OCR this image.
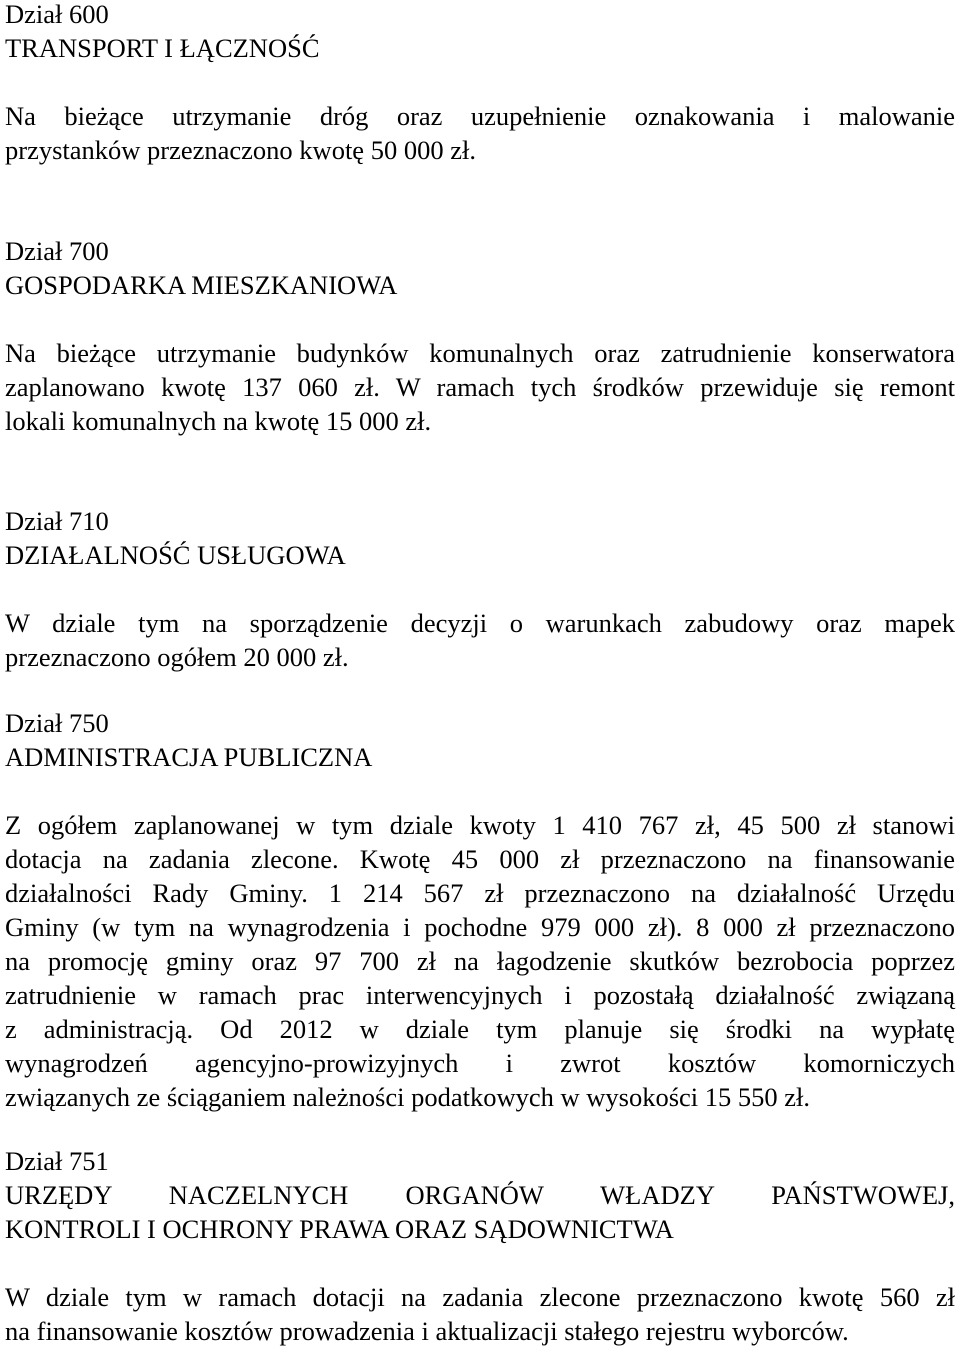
Dział 600
TRANSPORT I ŁĄCZNOŚĆ
Na bieżące utrzymanie dróg oraz uzupełnienie oznakowania i malowanie
przystanków przeznaczono kwotę 50 000 zł.
Dział 700
GOSPODARKA MIESZKANIOWA
Na bieżące utrzymanie budynków komunalnych oraz zatrudnienie konserwatora
zaplanowano kwotę 137 060 zł. W ramach tych środków przewiduje się remont
lokali komunalnych na kwotę 15 000 zł.
Dział 710
DZIAŁALNOŚĆ USŁUGOWA
W dziale tym na sporządzenie decyzji o warunkach zabudowy oraz mapek
przeznaczono ogółem 20 000 zł.
Dział 750
ADMINISTRACJA PUBLICZNA
Z ogółem zaplanowanej w tym dziale kwoty 1 410 767 zł, 45 500 zł stanowi
dotacja na zadania zlecone. Kwotę 45 000 zł przeznaczono na finansowanie
działalności Rady Gminy. 1 214 567 zł przeznaczono na działalność Urzędu
Gminy (w tym na wynagrodzenia i pochodne 979 000 zł). 8 000 zł przeznaczono
na promocję gminy oraz 97 700 zł na łagodzenie skutków bezrobocia poprzez
zatrudnienie w ramach prac interwencyjnych i pozostałą działalność związaną
z administracją. Od 2012 w dziale tym planuje się środki na wypłatę
wynagrodzeń agencyjno-prowizyjnych i zwrot kosztów komorniczych
związanych ze ściąganiem należności podatkowych w wysokości 15 550 zł.
Dział 751
URZĘDY NACZELNYCH ORGANÓW WŁADZY PAŃSTWOWEJ,
KONTROLI I OCHRONY PRAWA ORAZ SĄDOWNICTWA
W dziale tym w ramach dotacji na zadania zlecone przeznaczono kwotę 560 zł
na finansowanie kosztów prowadzenia i aktualizacji stałego rejestru wyborców.
